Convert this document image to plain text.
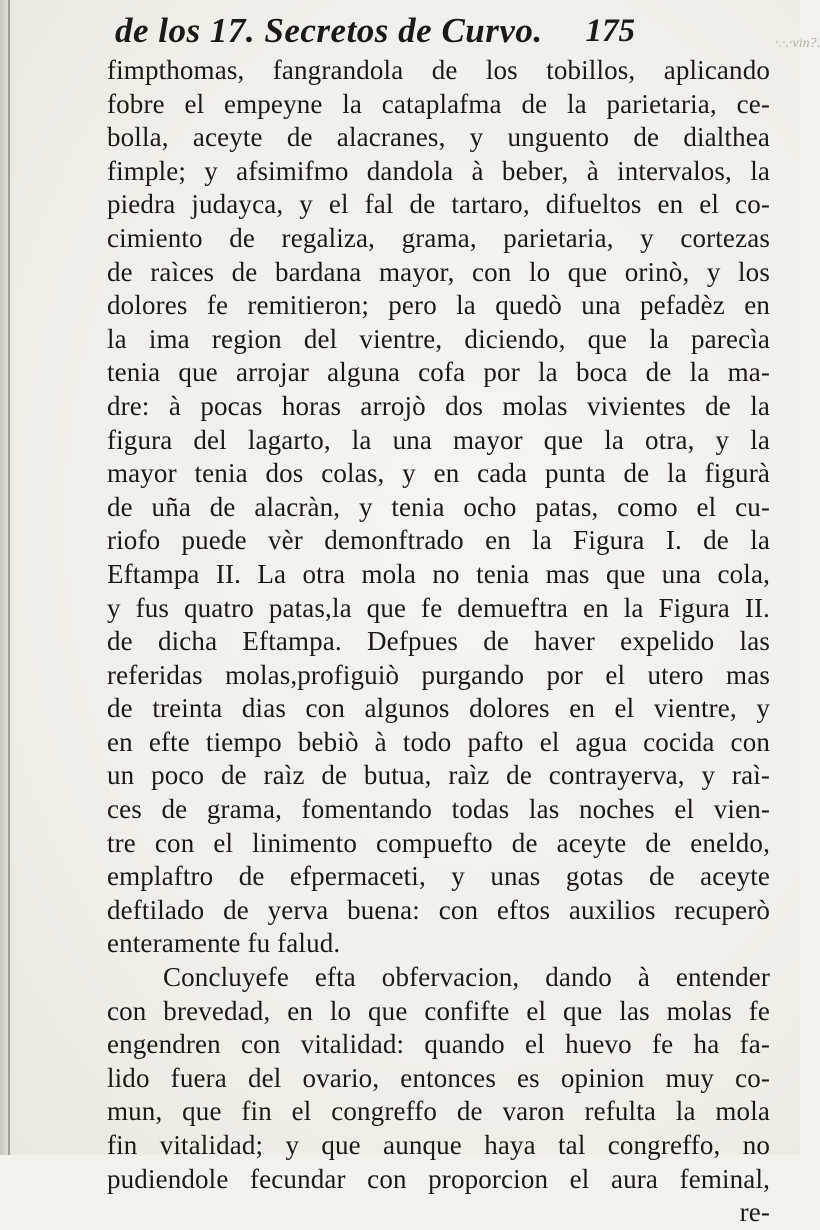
de los 17. Secretos de Curvo. 175	·.·.·vin?.
fimpthomas, fangrandola de los tobillos, aplicando
fobre el empeyne la cataplafma de la parietaria, ce-
bolla, aceyte de alacranes, y unguento de dialthea
fimple; y afsimifmo dandola à beber, à intervalos, la
piedra judayca, y el fal de tartaro, difueltos en el co-
cimiento de regaliza, grama, parietaria, y cortezas
de raìces de bardana mayor, con lo que orinò, y los
dolores fe remitieron; pero la quedò una pefadèz en
la ima region del vientre, diciendo, que la parecìa
tenia que arrojar alguna cofa por la boca de la ma-
dre: à pocas horas arrojò dos molas vivientes de la
figura del lagarto, la una mayor que la otra, y la
mayor tenia dos colas, y en cada punta de la figurà
de uña de alacràn, y tenia ocho patas, como el cu-
riofo puede vèr demonftrado en la Figura I. de la
Eftampa II. La otra mola no tenia mas que una cola,
y fus quatro patas,la que fe demueftra en la Figura II.
de dicha Eftampa. Defpues de haver expelido las
referidas molas,profiguiò purgando por el utero mas
de treinta dias con algunos dolores en el vientre, y
en efte tiempo bebiò à todo pafto el agua cocida con
un poco de raìz de butua, raìz de contrayerva, y raì-
ces de grama, fomentando todas las noches el vien-
tre con el linimento compuefto de aceyte de eneldo,
emplaftro de efpermaceti, y unas gotas de aceyte
deftilado de yerva buena: con eftos auxilios recuperò
enteramente fu falud.
Concluyefe efta obfervacion, dando à entender
con brevedad, en lo que confifte el que las molas fe
engendren con vitalidad: quando el huevo fe ha fa-
lido fuera del ovario, entonces es opinion muy co-
mun, que fin el congreffo de varon refulta la mola
fin vitalidad; y que aunque haya tal congreffo, no
pudiendole fecundar con proporcion el aura feminal,
re-
